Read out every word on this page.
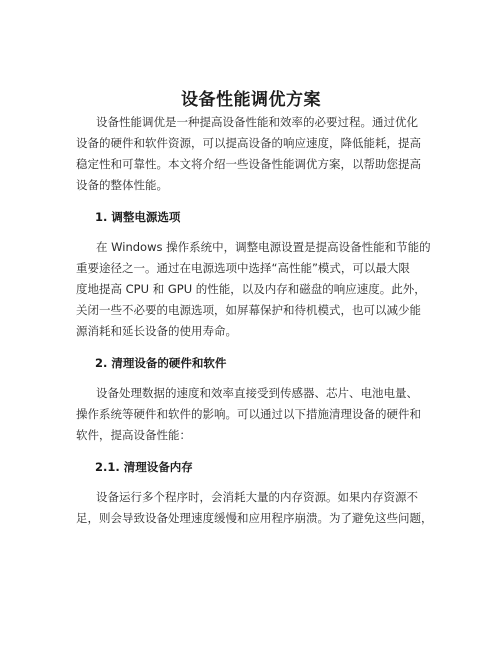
设备性能调优方案
设备性能调优是一种提高设备性能和效率的必要过程。通过优化
设备的硬件和软件资源，可以提高设备的响应速度，降低能耗，提高
稳定性和可靠性。本文将介绍一些设备性能调优方案，以帮助您提高
设备的整体性能。
1. 调整电源选项
在 Windows 操作系统中，调整电源设置是提高设备性能和节能的
重要途径之一。通过在电源选项中选择“高性能”模式，可以最大限
度地提高 CPU 和 GPU 的性能，以及内存和磁盘的响应速度。此外，
关闭一些不必要的电源选项，如屏幕保护和待机模式，也可以减少能
源消耗和延长设备的使用寿命。
2. 清理设备的硬件和软件
设备处理数据的速度和效率直接受到传感器、芯片、电池电量、
操作系统等硬件和软件的影响。可以通过以下措施清理设备的硬件和
软件，提高设备性能：
2.1. 清理设备内存
设备运行多个程序时，会消耗大量的内存资源。如果内存资源不
足，则会导致设备处理速度缓慢和应用程序崩溃。为了避免这些问题，
